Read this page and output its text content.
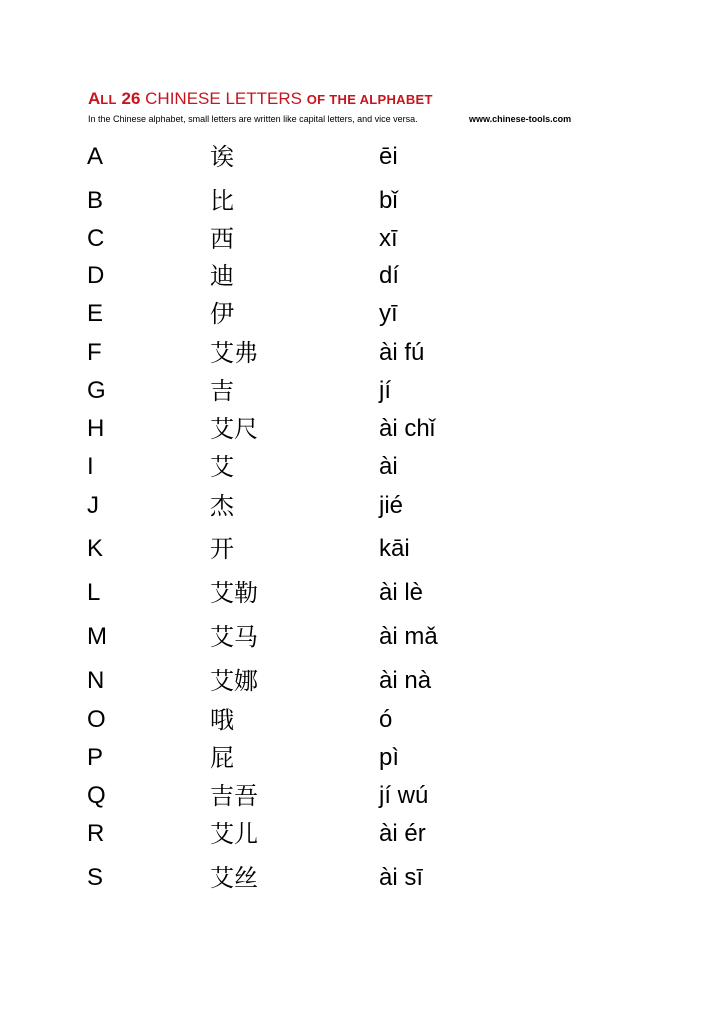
ALL 26 CHINESE LETTERS OF THE ALPHABET
In the Chinese alphabet, small letters are written like capital letters, and vice versa.	www.chinese-tools.com
A	诶	ēi
B	比	bǐ
C	西	xī
D	迪	dí
E	伊	yī
F	艾弗	ài fú
G	吉	jí
H	艾尺	ài chǐ
I	艾	ài
J	杰	jié
K	开	kāi
L	艾勒	ài lè
M	艾马	ài mǎ
N	艾娜	ài nà
O	哦	ó
P	屁	pì
Q	吉吾	jí wú
R	艾儿	ài ér
S	艾丝	ài sī
